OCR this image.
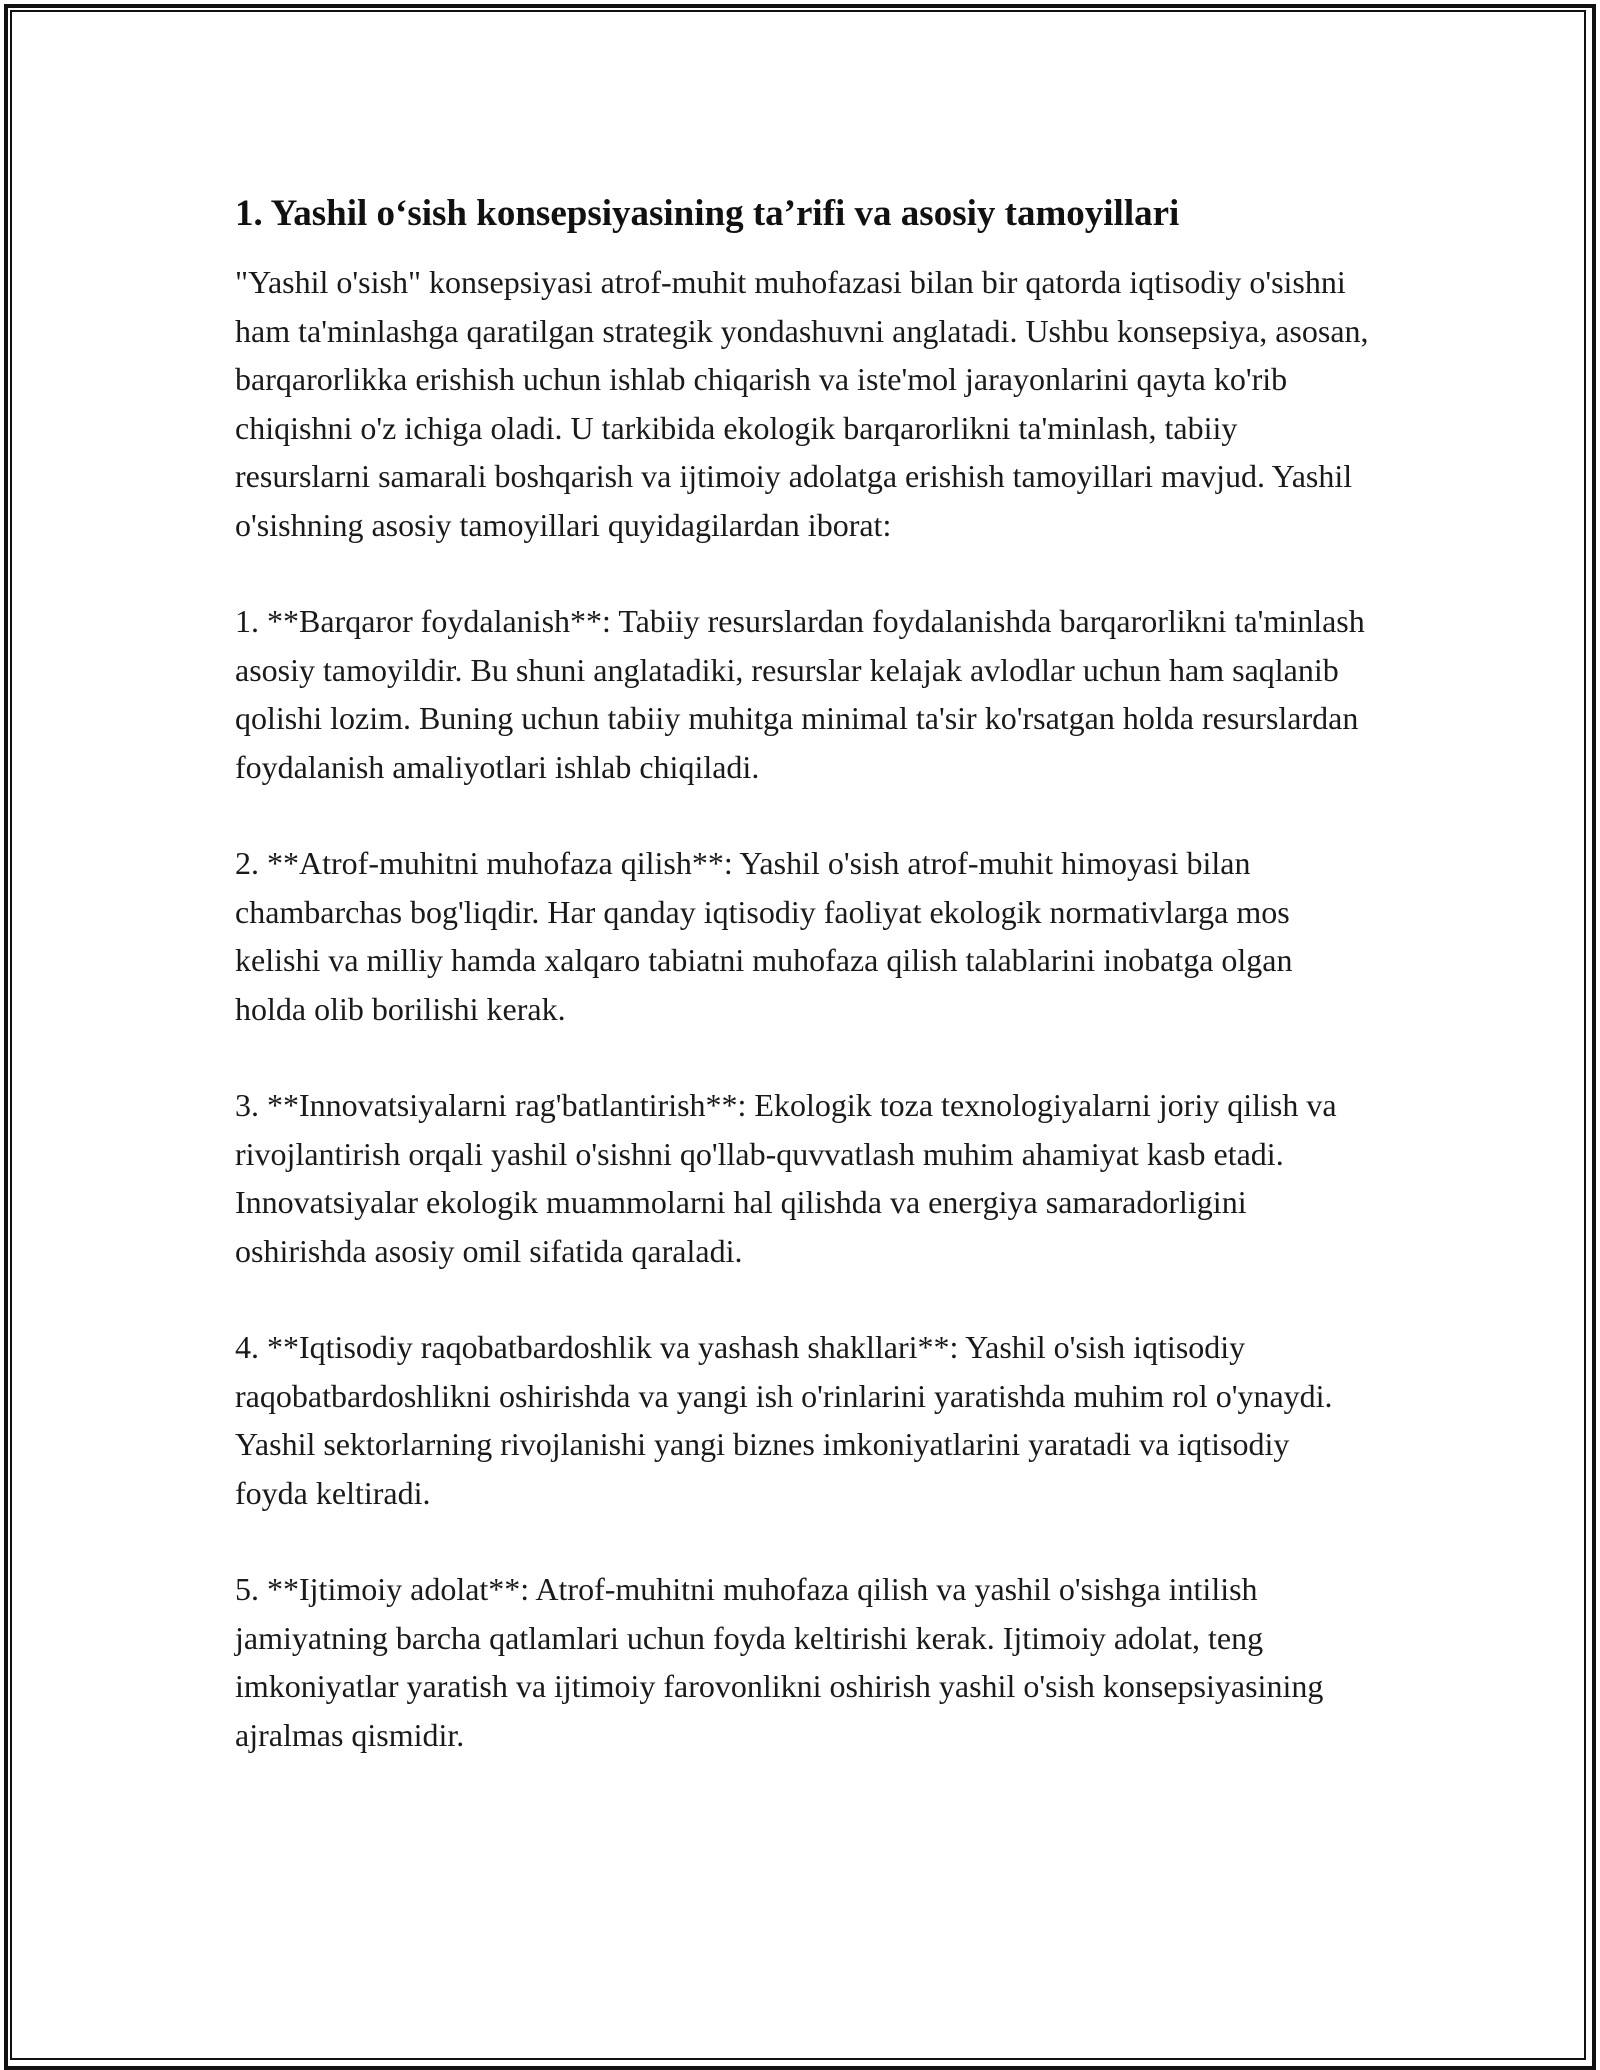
1. Yashil o‘sish konsepsiyasining ta’rifi va asosiy tamoyillari

"Yashil o'sish" konsepsiyasi atrof-muhit muhofazasi bilan bir qatorda iqtisodiy o'sishni ham ta'minlashga qaratilgan strategik yondashuvni anglatadi. Ushbu konsepsiya, asosan, barqarorlikka erishish uchun ishlab chiqarish va iste'mol jarayonlarini qayta ko'rib chiqishni o'z ichiga oladi. U tarkibida ekologik barqarorlikni ta'minlash, tabiiy resurslarni samarali boshqarish va ijtimoiy adolatga erishish tamoyillari mavjud. Yashil o'sishning asosiy tamoyillari quyidagilardan iborat:

1. **Barqaror foydalanish**: Tabiiy resurslardan foydalanishda barqarorlikni ta'minlash asosiy tamoyildir. Bu shuni anglatadiki, resurslar kelajak avlodlar uchun ham saqlanib qolishi lozim. Buning uchun tabiiy muhitga minimal ta'sir ko'rsatgan holda resurslardan foydalanish amaliyotlari ishlab chiqiladi.

2. **Atrof-muhitni muhofaza qilish**: Yashil o'sish atrof-muhit himoyasi bilan chambarchas bog'liqdir. Har qanday iqtisodiy faoliyat ekologik normativlarga mos kelishi va milliy hamda xalqaro tabiatni muhofaza qilish talablarini inobatga olgan holda olib borilishi kerak.

3. **Innovatsiyalarni rag'batlantirish**: Ekologik toza texnologiyalarni joriy qilish va rivojlantirish orqali yashil o'sishni qo'llab-quvvatlash muhim ahamiyat kasb etadi. Innovatsiyalar ekologik muammolarni hal qilishda va energiya samaradorligini oshirishda asosiy omil sifatida qaraladi.

4. **Iqtisodiy raqobatbardoshlik va yashash shakllari**: Yashil o'sish iqtisodiy raqobatbardoshlikni oshirishda va yangi ish o'rinlarini yaratishda muhim rol o'ynaydi. Yashil sektorlarning rivojlanishi yangi biznes imkoniyatlarini yaratadi va iqtisodiy foyda keltiradi.

5. **Ijtimoiy adolat**: Atrof-muhitni muhofaza qilish va yashil o'sishga intilish jamiyatning barcha qatlamlari uchun foyda keltirishi kerak. Ijtimoiy adolat, teng imkoniyatlar yaratish va ijtimoiy farovonlikni oshirish yashil o'sish konsepsiyasining ajralmas qismidir.
